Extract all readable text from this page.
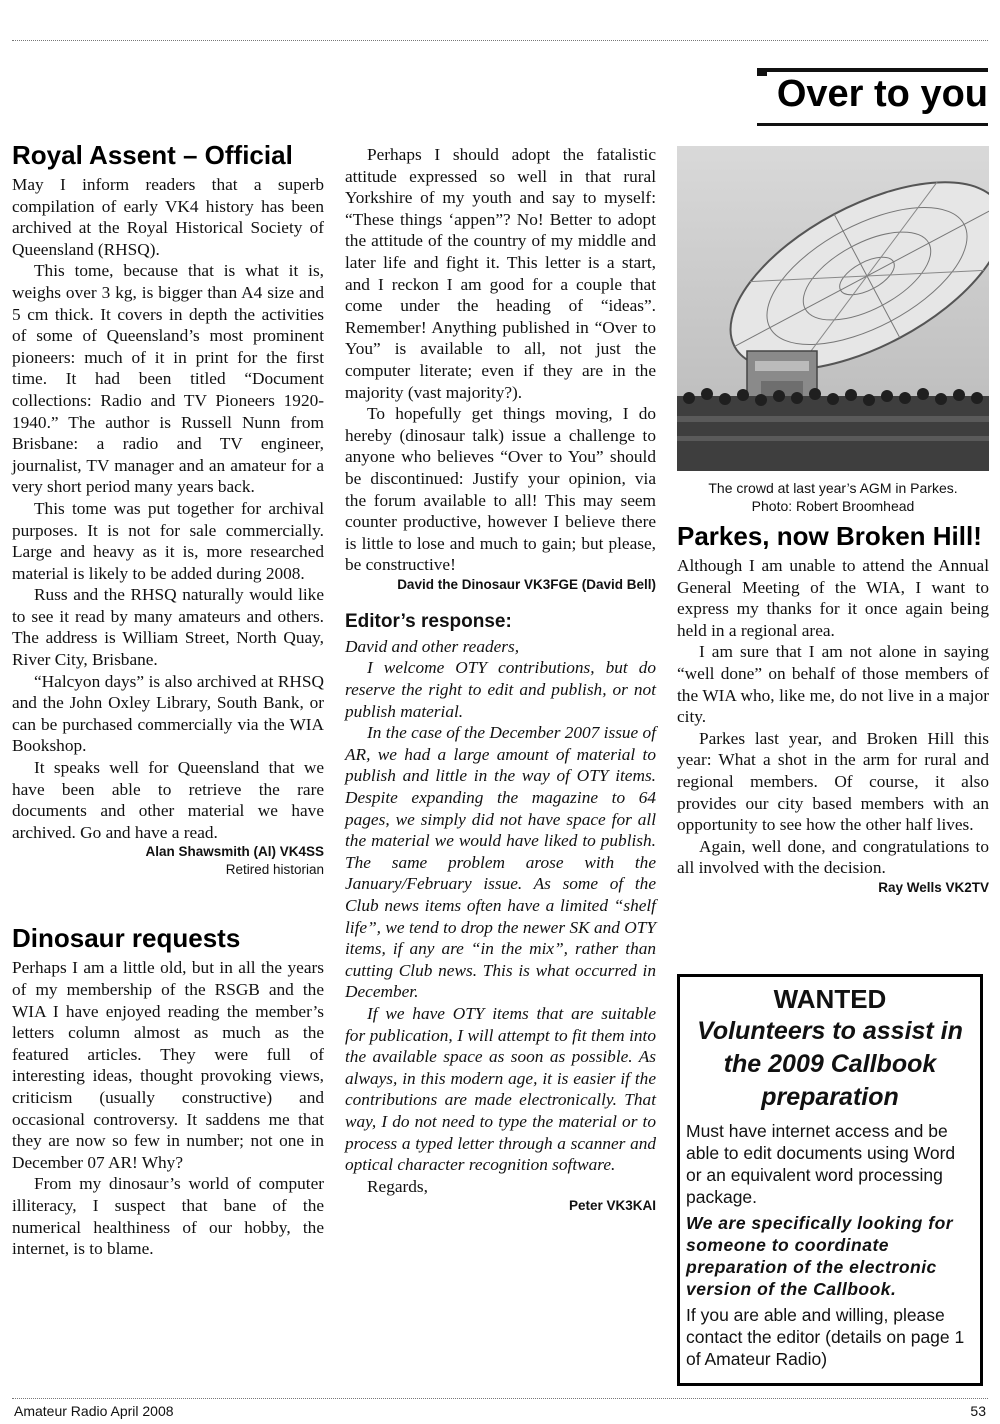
Over to you
Royal Assent – Official

May I inform readers that a superb compilation of early VK4 history has been archived at the Royal Historical Society of Queensland (RHSQ).

This tome, because that is what it is, weighs over 3 kg, is bigger than A4 size and 5 cm thick. It covers in depth the activities of some of Queensland’s most prominent pioneers: much of it in print for the first time. It had been titled “Document collections: Radio and TV Pioneers 1920-1940.” The author is Russell Nunn from Brisbane: a radio and TV engineer, journalist, TV manager and an amateur for a very short period many years back.

This tome was put together for archival purposes. It is not for sale commercially. Large and heavy as it is, more researched material is likely to be added during 2008.

Russ and the RHSQ naturally would like to see it read by many amateurs and others. The address is William Street, North Quay, River City, Brisbane.

“Halcyon days” is also archived at RHSQ and the John Oxley Library, South Bank, or can be purchased commercially via the WIA Bookshop.

It speaks well for Queensland that we have been able to retrieve the rare documents and other material we have archived. Go and have a read.

Alan Shawsmith (Al) VK4SS
Retired historian
Dinosaur requests

Perhaps I am a little old, but in all the years of my membership of the RSGB and the WIA I have enjoyed reading the member’s letters column almost as much as the featured articles. They were full of interesting ideas, thought provoking views, criticism (usually constructive) and occasional controversy. It saddens me that they are now so few in number; not one in December 07 AR! Why?

From my dinosaur’s world of computer illiteracy, I suspect that bane of the numerical healthiness of our hobby, the internet, is to blame.

Perhaps I should adopt the fatalistic attitude expressed so well in that rural Yorkshire of my youth and say to myself: “These things ‘appen”? No! Better to adopt the attitude of the country of my middle and later life and fight it. This letter is a start, and I reckon I am good for a couple that come under the heading of “ideas”. Remember! Anything published in “Over to You” is available to all, not just the computer literate; even if they are in the majority (vast majority?).

To hopefully get things moving, I do hereby (dinosaur talk) issue a challenge to anyone who believes “Over to You” should be discontinued: Justify your opinion, via the forum available to all! This may seem counter productive, however I believe there is little to lose and much to gain; but please, be constructive!

David the Dinosaur VK3FGE (David Bell)
Editor’s response:

David and other readers,

I welcome OTY contributions, but do reserve the right to edit and publish, or not publish material.

In the case of the December 2007 issue of AR, we had a large amount of material to publish and little in the way of OTY items. Despite expanding the magazine to 64 pages, we simply did not have space for all the material we would have liked to publish. The same problem arose with the January/February issue. As some of the Club news items often have a limited “shelf life”, we tend to drop the newer SK and OTY items, if any are “in the mix”, rather than cutting Club news. This is what occurred in December.

If we have OTY items that are suitable for publication, I will attempt to fit them into the available space as soon as possible. As always, in this modern age, it is easier if the contributions are made electronically. That way, I do not need to type the material or to process a typed letter through a scanner and optical character recognition software.

Regards,

Peter VK3KAI
The crowd at last year’s AGM in Parkes.
Photo: Robert Broomhead
Parkes, now Broken Hill!

Although I am unable to attend the Annual General Meeting of the WIA, I want to express my thanks for it once again being held in a regional area.

I am sure that I am not alone in saying “well done” on behalf of those members of the WIA who, like me, do not live in a major city.

Parkes last year, and Broken Hill this year: What a shot in the arm for rural and regional members. Of course, it also provides our city based members with an opportunity to see how the other half lives.

Again, well done, and congratulations to all involved with the decision.

Ray Wells VK2TV
WANTED
Volunteers to assist in the 2009 Callbook preparation

Must have internet access and be able to edit documents using Word or an equivalent word processing package.

We are specifically looking for someone to coordinate preparation of the electronic version of the Callbook.

If you are able and willing, please contact the editor (details on page 1 of Amateur Radio)

Amateur Radio April 2008	53
